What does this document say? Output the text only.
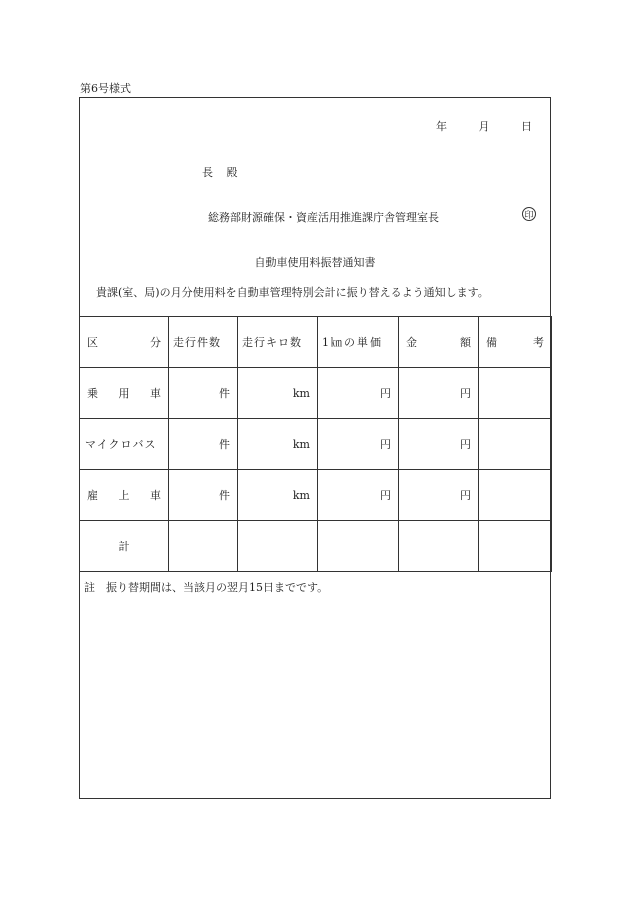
第6号様式
年	月	日
長 殿
総務部財源確保・資産活用推進課庁舎管理室長	印
自動車使用料振替通知書
貴課(室、局)の月分使用料を自動車管理特別会計に振り替えるよう通知します。
区 分	走行件数	走行キロ数	1㎞の単価	金 額	備 考

乗 用 車	件	km	円	円	
マイクロバス	件	km	円	円	

雇 上 車	件	km	円	円	
計					
註　振り替期間は、当該月の翌月15日までです。
